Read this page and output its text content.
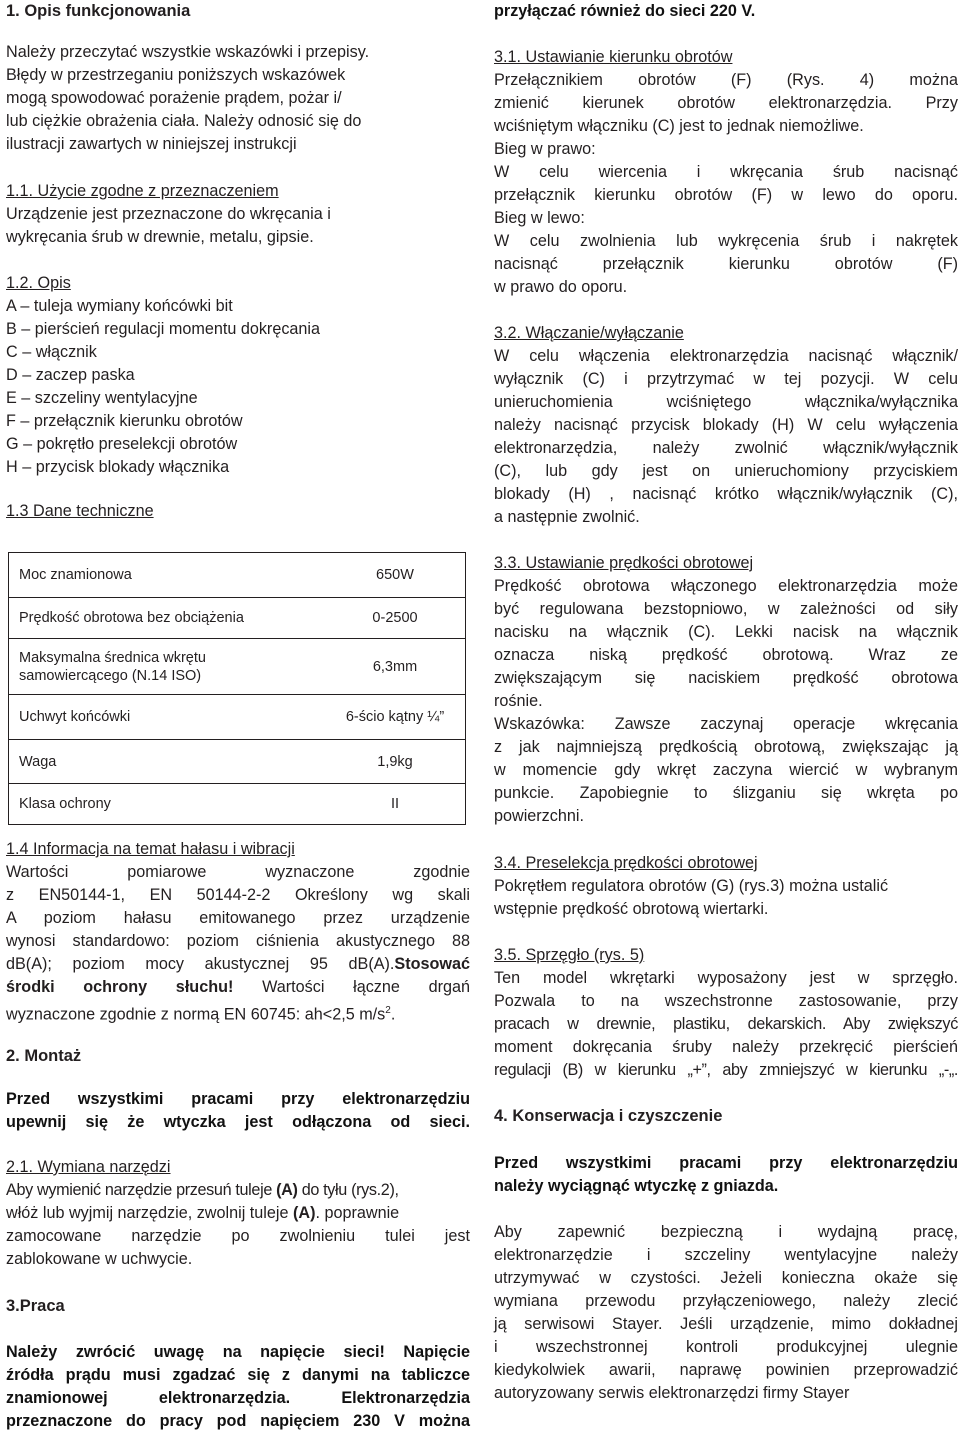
1. Opis funkcjonowania
Należy przeczytać wszystkie wskazówki i przepisy.
Błędy w przestrzeganiu poniższych wskazówek
mogą spowodować porażenie prądem, pożar i/
lub ciężkie obrażenia ciała. Należy odnosić się do
ilustracji zawartych w niniejszej instrukcji
1.1. Użycie zgodne z przeznaczeniem
Urządzenie jest przeznaczone do wkręcania i
wykręcania śrub w drewnie, metalu, gipsie.
1.2. Opis
A – tuleja wymiany końcówki bit
B – pierścień regulacji momentu dokręcania
C – włącznik
D – zaczep paska
E – szczeliny wentylacyjne
F – przełącznik kierunku obrotów
G – pokrętło preselekcji obrotów
H – przycisk blokady włącznika
1.3 Dane techniczne
Moc znamionowa	650W
Prędkość obrotowa bez obciążenia	0-2500

Maksymalna średnica wkrętu samowiercącego (N.14 ISO)	6,3mm
Uchwyt końcówki	6-ścio kątny ¼”
Waga	1,9kg
Klasa ochrony	II
1.4 Informacja na temat hałasu i wibracji
Wartości pomiarowe wyznaczone zgodnie
z EN50144-1, EN 50144-2-2 Określony wg skali
A poziom hałasu emitowanego przez urządzenie
wynosi standardowo: poziom ciśnienia akustycznego 88
dB(A); poziom mocy akustycznej 95 dB(A).Stosować
środki ochrony słuchu! Wartości łączne drgań
wyznaczone zgodnie z normą EN 60745: ah<2,5 $m/s^2$.
2. Montaż
Przed wszystkimi pracami przy elektronarzędziu
upewnij się że wtyczka jest odłączona od sieci.
2.1. Wymiana narzędzi
Aby wymienić narzędzie przesuń tuleje (A) do tyłu (rys.2),
włóż lub wyjmij narzędzie, zwolnij tuleje (A). poprawnie
zamocowane narzędzie po zwolnieniu tulei jest
zablokowane w uchwycie.
3.Praca
Należy zwrócić uwagę na napięcie sieci! Napięcie
źródła prądu musi zgadzać się z danymi na tabliczce
znamionowej elektronarzędzia. Elektronarzędzia
przeznaczone do pracy pod napięciem 230 V można
przyłączać również do sieci 220 V.
3.1. Ustawianie kierunku obrotów
Przełącznikiem obrotów (F) (Rys. 4) można
zmienić kierunek obrotów elektronarzędzia. Przy
wciśniętym włączniku (C) jest to jednak niemożliwe.
Bieg w prawo:
W celu wiercenia i wkręcania śrub nacisnąć
przełącznik kierunku obrotów (F) w lewo do oporu.
Bieg w lewo:
W celu zwolnienia lub wykręcenia śrub i nakrętek
nacisnąć przełącznik kierunku obrotów (F)
w prawo do oporu.
3.2. Włączanie/wyłączanie
W celu włączenia elektronarzędzia nacisnąć włącznik/
wyłącznik (C) i przytrzymać w tej pozycji. W celu
unieruchomienia wciśniętego włącznika/wyłącznika
należy nacisnąć przycisk blokady (H) W celu wyłączenia
elektronarzędzia, należy zwolnić włącznik/wyłącznik
(C), lub gdy jest on unieruchomiony przyciskiem
blokady (H) , nacisnąć krótko włącznik/wyłącznik (C),
a następnie zwolnić.
3.3. Ustawianie prędkości obrotowej
Prędkość obrotowa włączonego elektronarzędzia może
być regulowana bezstopniowo, w zależności od siły
nacisku na włącznik (C). Lekki nacisk na włącznik
oznacza niską prędkość obrotową. Wraz ze
zwiększającym się naciskiem prędkość obrotowa
rośnie.
Wskazówka: Zawsze zaczynaj operacje wkręcania
z jak najmniejszą prędkością obrotową, zwiększając ją
w momencie gdy wkręt zaczyna wiercić w wybranym
punkcie. Zapobiegnie to ślizganiu się wkręta po
powierzchni.
3.4. Preselekcja prędkości obrotowej
Pokrętłem regulatora obrotów (G) (rys.3) można ustalić
wstępnie prędkość obrotową wiertarki.
3.5. Sprzęgło (rys. 5)
Ten model wkrętarki wyposażony jest w sprzęgło.
Pozwala to na wszechstronne zastosowanie, przy
pracach w drewnie, plastiku, dekarskich. Aby zwiększyć
moment dokręcania śruby należy przekręcić pierścień
regulacji (B) w kierunku „+”, aby zmniejszyć w kierunku „-„.
4. Konserwacja i czyszczenie
Przed wszystkimi pracami przy elektronarzędziu
należy wyciągnąć wtyczkę z gniazda.
Aby zapewnić bezpieczną i wydajną pracę,
elektronarzędzie i szczeliny wentylacyjne należy
utrzymywać w czystości. Jeżeli konieczna okaże się
wymiana przewodu przyłączeniowego, należy zlecić
ją serwisowi Stayer. Jeśli urządzenie, mimo dokładnej
i wszechstronnej kontroli produkcyjnej ulegnie
kiedykolwiek awarii, naprawę powinien przeprowadzić
autoryzowany serwis elektronarzędzi firmy Stayer
